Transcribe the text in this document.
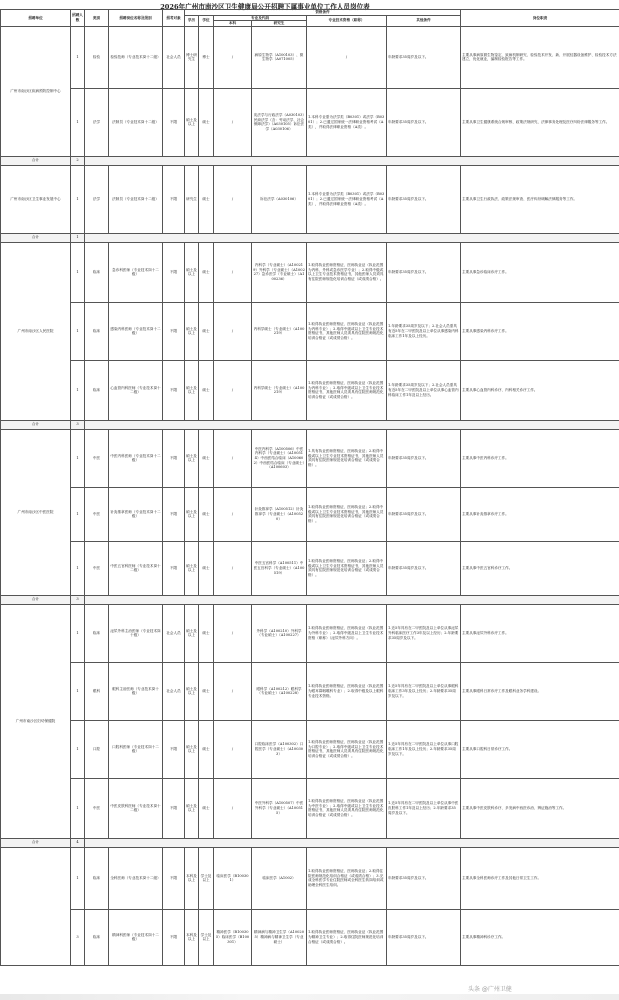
2026年广州市南沙区卫生健康局公开招聘下属事业单位工作人员岗位表
招聘单位	招聘人数	类别	招聘岗位名称及级别	招考对象	资格条件						岗位职责
					学历	学位	专业及代码		专业技术资格（职称）	其他条件	
							本科	研究生			
广州市南沙区疾病预防控制中心	1	检验	检验技师（专业技术岗十二级）	社会人员	博士研究生	博士	/	病原生物学（A100103）、微生物学（A071005）	/	年龄要求35周岁及以下。	主要从事病原微生物鉴定、致病机制研究、检验技术开发、新、开展仪器设备维护、检验技术方法建立，优化就业，编制检验报告等工作。
	1	法学	法制员（专业技术岗十二级）	不限	硕士及以上	硕士	/	宪法学与行政法学（A030103）民商法学（含：劳动法学、社会保障法学）（A030105）诉讼法学（A030106）	1.本科专业需为法学类（B0301）或法学（B0301）；2.已通过国家统一法律职业资格考试（A类），并取得法律职业资格（A类）。	年龄要求35周岁及以下。	主要从事卫生健康系统合规审核、政策法规研究、法律事务处理及医疗纠纷法律服务等工作。
合计	2										
广州市南沙区卫生事业发展中心	1	法学	法制员（专业技术岗十二级）	不限	研究生	硕士	/	诉讼法学（A030106）	1.本科专业需为法学类（B0301）或法学（B0301）；2.已通过国家统一法律职业资格考试（A类），并取得法律职业资格（A类）。	年龄要求35周岁及以下。	主要从事卫生行政执法、政策法规审查、医疗纠纷调解法律服务等工作。
合计	1										
广州市南沙区人民医院	1	临床	急诊科医师（专业技术岗十二级）	不限	硕士及以上	硕士	/	内科学（专业硕士）（A100219）外科学（专业硕士）（A100227）急诊医学（专业硕士）（A100236）	1.取得执业医师资格证、医师执业证（执业范围为内科、外科或急诊医学专业）；2.取得中级或以上卫生专业技术资格证书，其他医师人员须具有住院医师规范化培训合格证（或成绩合格）。	年龄要求35周岁及以下。	主要从事急诊临床诊疗工作。
	1	临床	感染内科医师（专业技术岗十二级）	不限	硕士及以上	硕士	/	内科学硕士（专业硕士）（A100219）	1.取得执业医师资格证、医师执业证（执业范围为内科专业）；2.取得中级或以上卫生专业技术资格证书，其他医师人员须具有住院医师规范化培训合格证（或成绩合格）。	1.年龄要求35周岁及以下；2.社会人员需具有近5年在二甲医院及以上单位从事感染内科临床工作1年及以上经历。	主要从事感染内科诊疗工作。
	1	临床	心血管内科医师（专业技术岗十二级）	不限	硕士及以上	硕士	/	内科学硕士（专业硕士）（A100219）	1.取得执业医师资格证、医师执业证（执业范围为内科专业）；2.取得中级或以上卫生专业技术资格证书，其他医师人员须具有住院医师规范化培训合格证（或成绩合格）。	1.年龄要求35周岁及以下；2.社会人员需具有近5年在二甲医院及以上单位从事心血管内科临床工作1年及以上经历。	主要从事心血管内科诊疗、内科相关诊疗工作。
合计	3										
广州市南沙区中医医院	1	中医	中医内科医师（专业技术岗十二级）	不限	硕士及以上	硕士	/	中医内科学（A100506）中医内科学（专业硕士）（A100514）中西医结合临床（A100602）中西医结合临床（专业硕士）（A100603）	1.具有执业医师资格证、医师执业证；2.取得中级或以上卫生专业技术资格证书，其他医师人员须具有住院医师规范化培训合格证（或成绩合格）。	年龄要求35周岁及以下。	主要从事中医内科诊疗工作。
	1	中医	针灸推拿医师（专业技术岗十二级）	不限	硕士及以上	硕士	/	针灸推拿学（A100512）针灸推拿学（专业硕士）（A100520）	1.取得执业医师资格证、医师执业证；2.取得中级或以上卫生专业技术资格证书，其他医师人员须具有住院医师规范化培训合格证（或成绩合格）。	年龄要求35周岁及以下。	主要从事针灸推拿诊疗工作。
	1	中医	中医五官科医师（专业技术岗十二级）	不限	硕士及以上	硕士	/	中医五官科学（A100511）中医五官科学（专业硕士）（A100519）	1.取得执业医师资格证、医师执业证；2.取得中级或以上卫生专业技术资格证书，其他医师人员须具有住院医师规范化培训合格证（或成绩合格）。	年龄要求35周岁及以下。	主要从事中医五官科诊疗工作。
合计	3										
广州市南沙区妇幼保健院	1	临床	泌尿外科主治医师（专业技术岗十级）	社会人员	硕士及以上	硕士	/	外科学（A100210）外科学（专业硕士）（A100227）	1.取得执业医师资格证、医师执业证（执业范围为外科专业）；2.取得中级及以上卫生专业技术资格（职称）（泌尿外科方向）。	1.近5年具有在二甲医院及以上单位从事泌尿外科临床医疗工作3年及以上经历；2.年龄要求35周岁及以下。	主要从事泌尿外科诊疗工作。
	1	眼科	眼科主治医师（专业技术岗十级）	社会人员	硕士及以上	硕士	/	眼科学（A100212）眼科学（专业硕士）（A100228）	1.取得执业医师资格证、医师执业证（执业范围为眼耳鼻咽喉科专业）；2.取得中级及以上眼科专业技术资格。	1.近5年具有在二甲医院及以上单位从事眼科临床工作3年及以上经历；2.年龄要求35周岁及以下。	主要从事眼科日常诊疗工作及眼科业务学科建设。
	1	口腔	口腔科医师（专业技术岗十二级）	不限	硕士及以上	硕士	/	口腔临床医学（A100302）口腔医学（专业硕士）（A100303）	1.取得执业医师资格证、医师执业证（执业范围为口腔专业）；2.取得中级或以上卫生专业技术资格证书，其他医师人员须具有住院医师规范化培训合格证（或成绩合格）。	1.近5年具有在二甲医院及以上单位从事口腔临床工作1年及以上经历；2.年龄要求35周岁及以下。	主要从事口腔科日常诊疗工作。
	1	中医	中医皮肤科医师（专业技术岗十二级）	不限	硕士及以上	硕士	/	中医外科学（A100507）中医外科学（专业硕士）（A100515）	1.取得执业医师资格证、医师执业证（执业范围为中医专业）；2.取得中级或以上卫生专业技术资格证书，其他医师人员须具有住院医师规范化培训合格证（或成绩合格）。	1.近5年具有在二甲医院及以上单位从事中医皮肤科工作1年及以上经历；2.年龄要求35周岁及以下。	主要从事中医皮肤科诊疗、多发病中西医诊治、辨证施治等工作。
合计	4										
	1	临床	全科医师（专业技术岗十二级）	不限	本科及以上	学士及以上	临床医学（B100301）	临床医学（A1002）	1.取得执业医师资格证、医师执业证；2.取得住院医师规范化培训合格证（或成绩合格）；3.完成全科医学专业住院医师或全科医生转岗培训或助理全科医生培训。	年龄要求35周岁及以下。	主要从事全科医师诊疗工作及其他日常卫生工作。
	3	临床	精神科医师（专业技术岗十二级）	不限	本科及以上	学士及以上	精神医学（B100305）临床医学（B100301）	精神病与精神卫生学（A100205）精神病与精神卫生学（专业硕士）	1.取得执业医师资格证、医师执业证（执业范围为精神卫生专业）；2.取得住院医师规范化培训合格证（或成绩合格）。	年龄要求35周岁及以下。	主要从事精神科诊疗工作。
头条 @广州卫健
